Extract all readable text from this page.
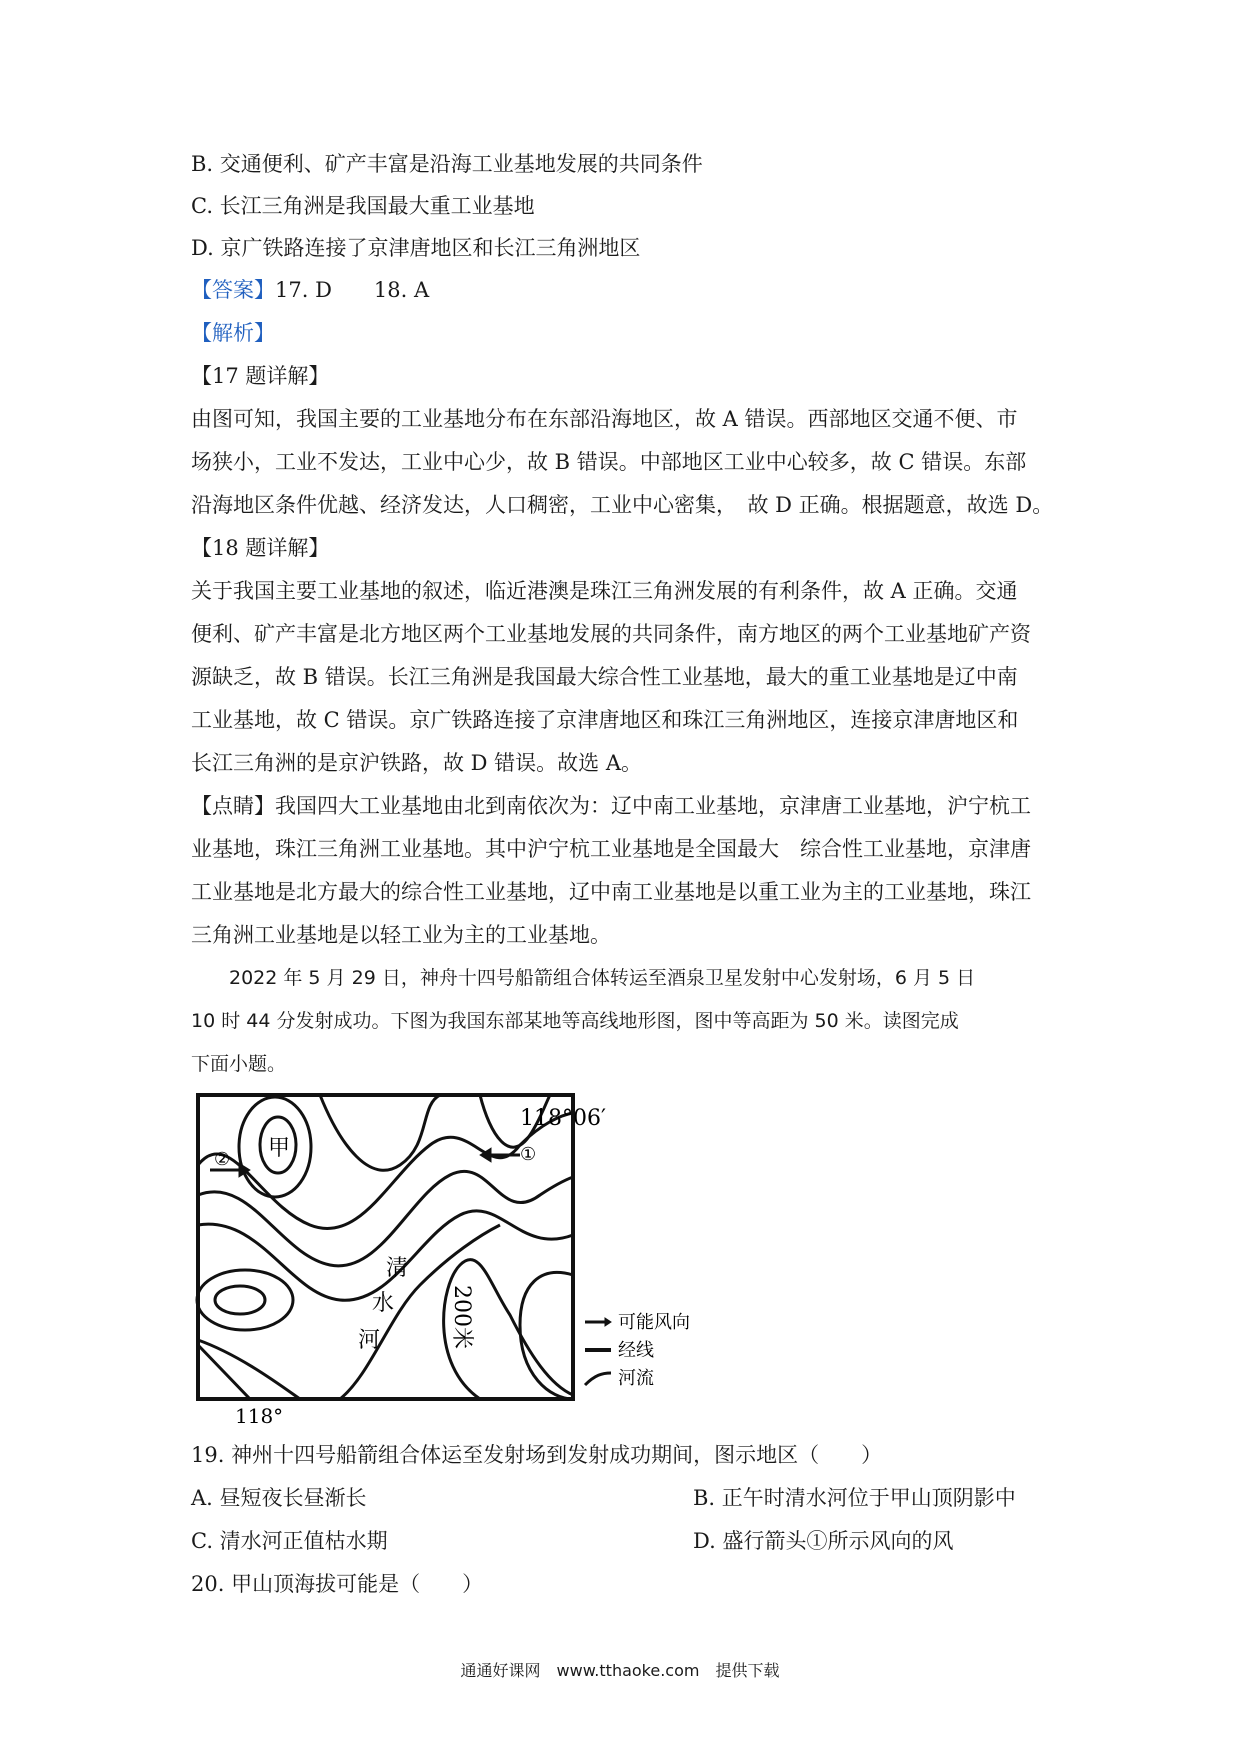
B. 交通便利、矿产丰富是沿海工业基地发展的共同条件
C. 长江三角洲是我国最大重工业基地
D. 京广铁路连接了京津唐地区和长江三角洲地区
【答案】17. D　　18. A
【解析】
【17 题详解】
由图可知，我国主要的工业基地分布在东部沿海地区，故 A 错误。西部地区交通不便、市
场狭小，工业不发达，工业中心少，故 B 错误。中部地区工业中心较多，故 C 错误。东部
沿海地区条件优越、经济发达，人口稠密，工业中心密集，　故 D 正确。根据题意，故选 D。
【18 题详解】
关于我国主要工业基地的叙述，临近港澳是珠江三角洲发展的有利条件，故 A 正确。交通
便利、矿产丰富是北方地区两个工业基地发展的共同条件，南方地区的两个工业基地矿产资
源缺乏，故 B 错误。长江三角洲是我国最大综合性工业基地，最大的重工业基地是辽中南
工业基地，故 C 错误。京广铁路连接了京津唐地区和珠江三角洲地区，连接京津唐地区和
长江三角洲的是京沪铁路，故 D 错误。故选 A。
【点睛】我国四大工业基地由北到南依次为：辽中南工业基地，京津唐工业基地，沪宁杭工
业基地，珠江三角洲工业基地。其中沪宁杭工业基地是全国最大　综合性工业基地，京津唐
工业基地是北方最大的综合性工业基地，辽中南工业基地是以重工业为主的工业基地，珠江
三角洲工业基地是以轻工业为主的工业基地。
　　2022 年 5 月 29 日，神舟十四号船箭组合体转运至酒泉卫星发射中心发射场，6 月 5 日
10 时 44 分发射成功。下图为我国东部某地等高线地形图，图中等高距为 50 米。读图完成
下面小题。
甲
②	①
118°06′
118°
清
水
河	200米	可能风向
经线
河流
19. 神州十四号船箭组合体运至发射场到发射成功期间，图示地区（　　）
A. 昼短夜长昼渐长	B. 正午时清水河位于甲山顶阴影中
C. 清水河正值枯水期	D. 盛行箭头①所示风向的风
20. 甲山顶海拔可能是（　　）
通通好课网　www.tthaoke.com　提供下载
